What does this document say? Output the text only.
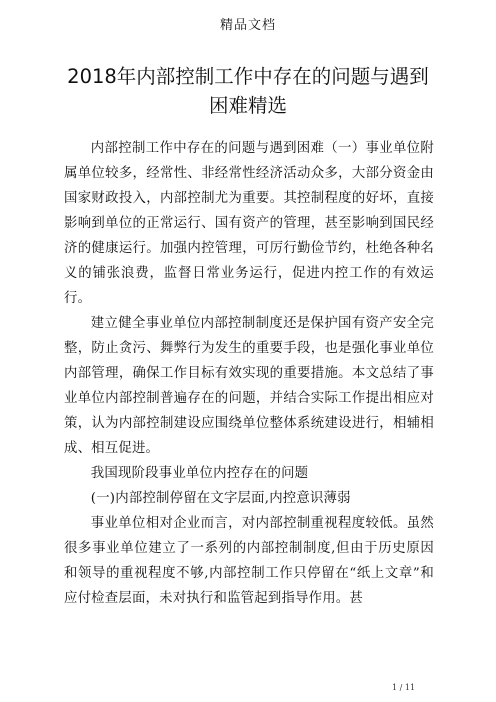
精品文档
2018年内部控制工作中存在的问题与遇到
困难精选

内部控制工作中存在的问题与遇到困难（一）事业单位附属单位较多，经常性、非经常性经济活动众多，大部分资金由国家财政投入，内部控制尤为重要。其控制程度的好坏，直接影响到单位的正常运行、国有资产的管理，甚至影响到国民经济的健康运行。加强内控管理，可厉行勤俭节约，杜绝各种名义的铺张浪费，监督日常业务运行，促进内控工作的有效运行。

建立健全事业单位内部控制制度还是保护国有资产安全完整，防止贪污、舞弊行为发生的重要手段，也是强化事业单位内部管理，确保工作目标有效实现的重要措施。本文总结了事业单位内部控制普遍存在的问题，并结合实际工作提出相应对策，认为内部控制建设应围绕单位整体系统建设进行，相辅相成、相互促进。

我国现阶段事业单位内控存在的问题

(一)内部控制停留在文字层面,内控意识薄弱

事业单位相对企业而言，对内部控制重视程度较低。虽然很多事业单位建立了一系列的内部控制制度,但由于历史原因和领导的重视程度不够,内部控制工作只停留在“纸上文章”和应付检查层面，未对执行和监管起到指导作用。甚

1 / 11
